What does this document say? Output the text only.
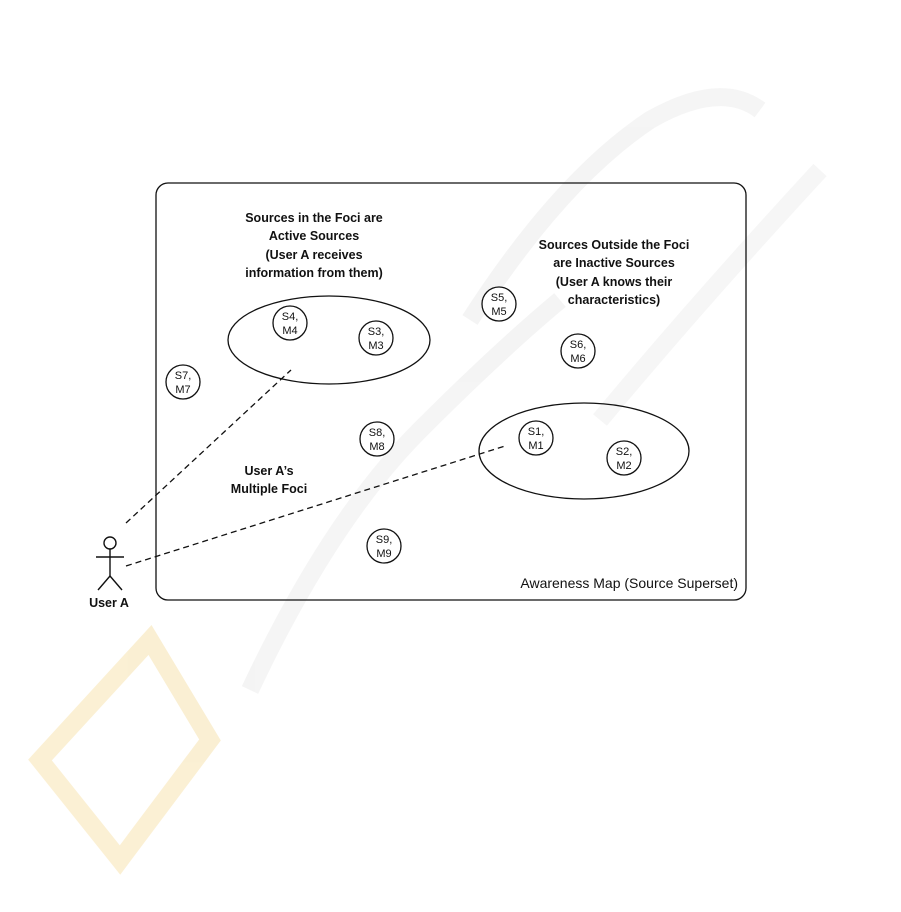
Sources in the Foci are
Active Sources
(User A receives
information from them)
Sources Outside the Foci
are Inactive Sources
(User A knows their
characteristics)
User A’s
Multiple Foci
S4,
M4	S3,
M3
S5,
M5
S6,
M6
S7,
M7
S8,
M8
S1,
M1	S2,
M2
S9,
M9
User A
Awareness Map (Source Superset)
